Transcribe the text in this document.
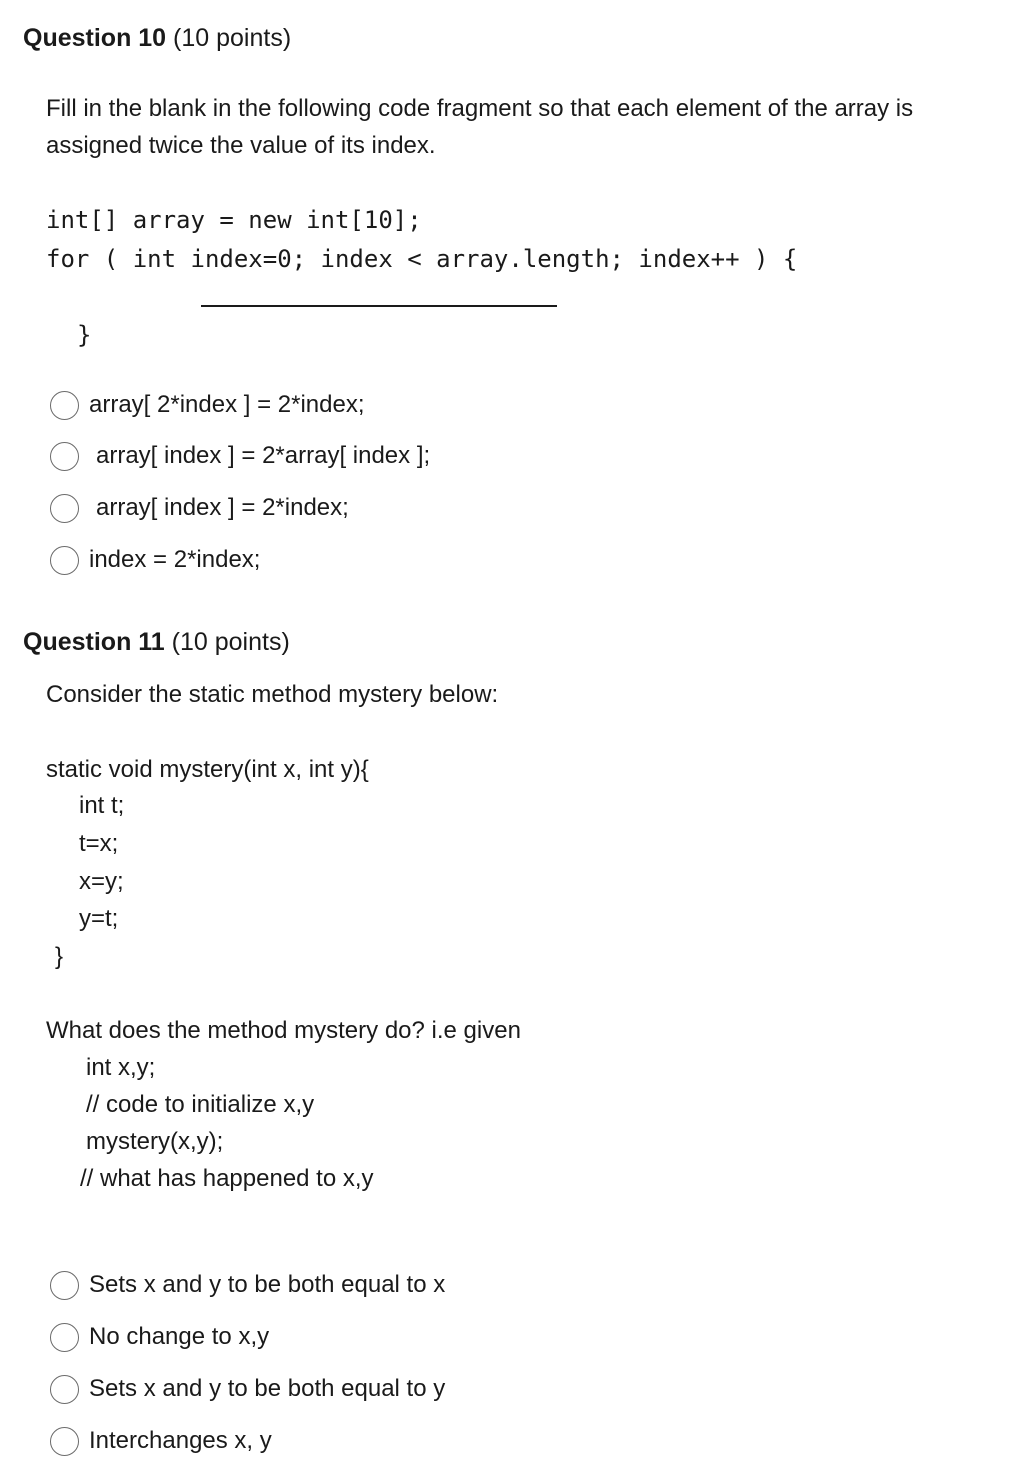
Question 10 (10 points)
Fill in the blank in the following code fragment so that each element of the array is
assigned twice the value of its index.
int[] array = new int[10];
for ( int index=0; index < array.length; index++ ) {
}
array[ 2*index ] = 2*index;
array[ index ] = 2*array[ index ];
array[ index ] = 2*index;
index = 2*index;
Question 11 (10 points)
Consider the static method mystery below:
static void mystery(int x, int y){
int t;
t=x;
x=y;
y=t;
}
What does the method mystery do? i.e given
int x,y;
// code to initialize x,y
mystery(x,y);
// what has happened to x,y
Sets x and y to be both equal to x
No change to x,y
Sets x and y to be both equal to y
Interchanges x, y
